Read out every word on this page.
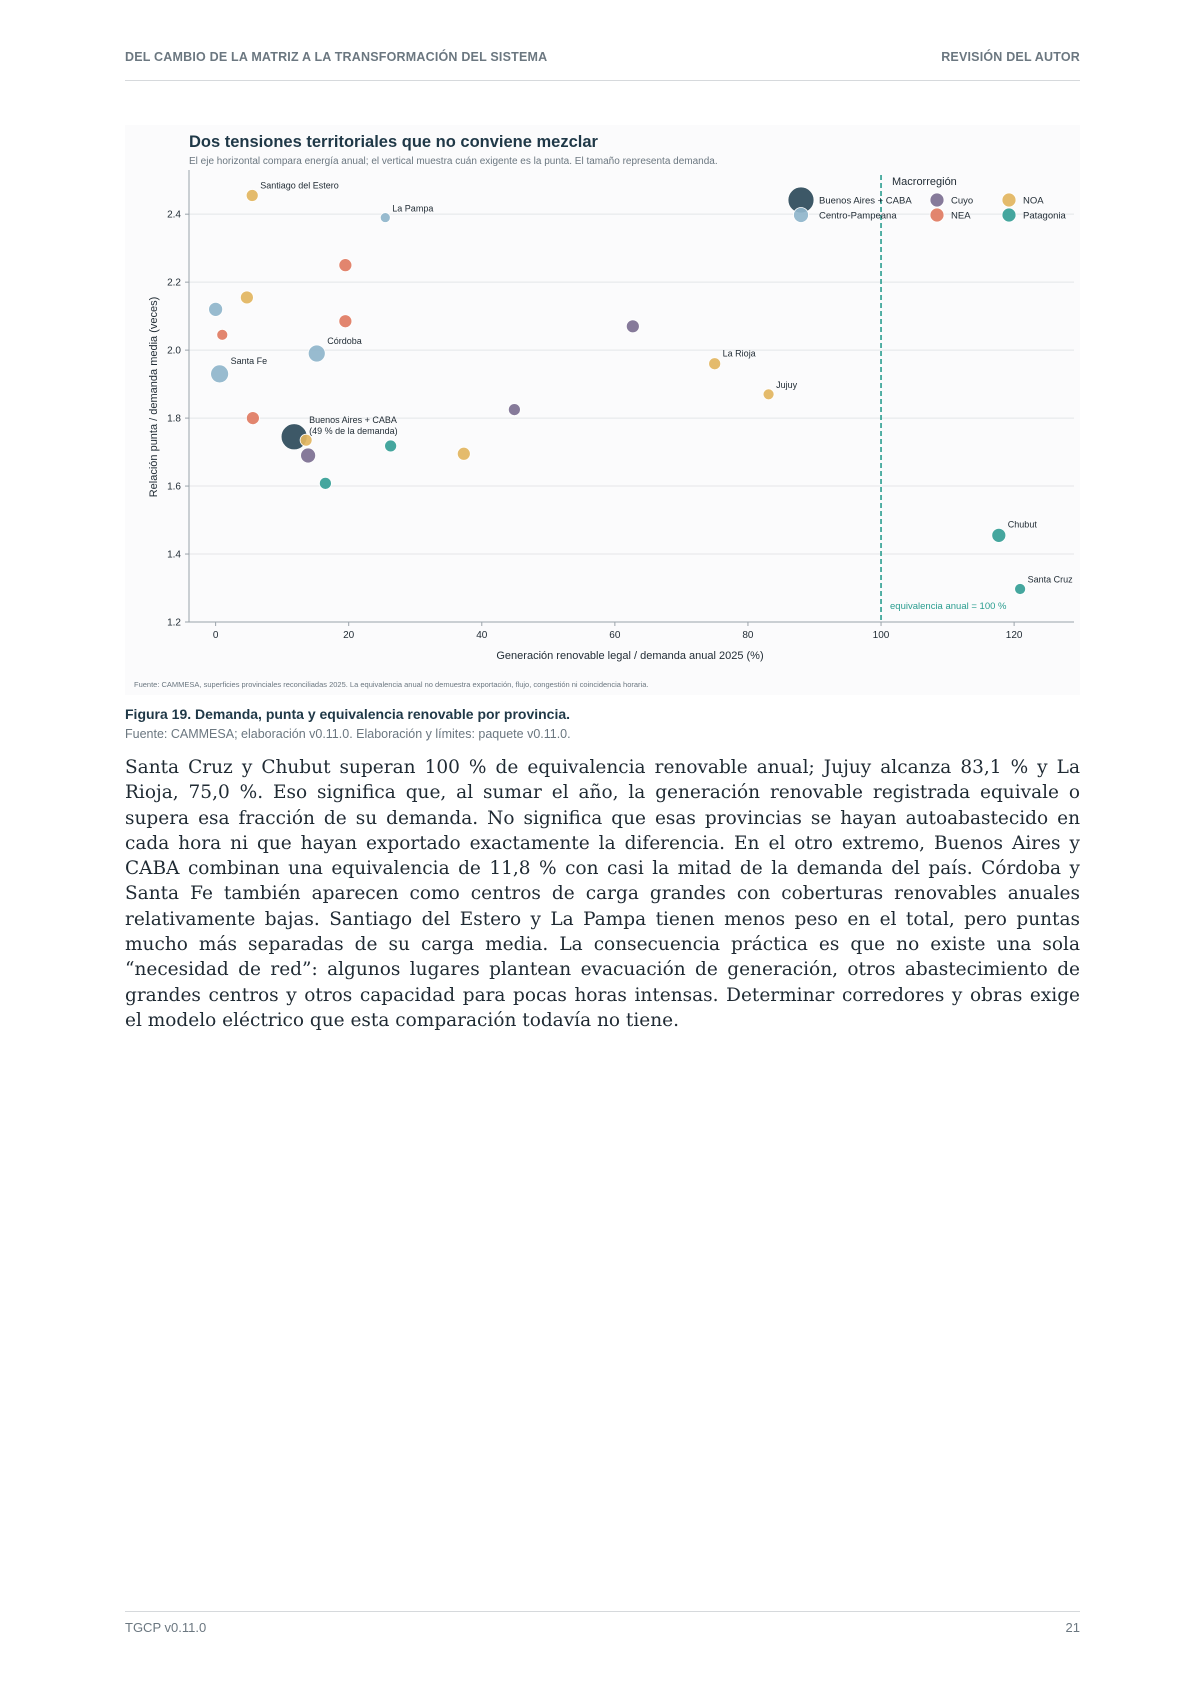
DEL CAMBIO DE LA MATRIZ A LA TRANSFORMACIÓN DEL SISTEMA	REVISIÓN DEL AUTOR
Dos tensiones territoriales que no conviene mezclar
El eje horizontal compara energía anual; el vertical muestra cuán exigente es la punta. El tamaño representa demanda.
1.2
1.4
1.6
1.8
2.0
2.2
2.4
0	20	40	60	80	100	120
equivalencia anual = 100 %
Buenos Aires + CABA
(49 % de la demanda)
Santa Fe
Córdoba
La Pampa
Santiago del Estero
La Rioja
Jujuy
Chubut
Santa Cruz
Macrorregión
Buenos Aires + CABA
Centro-Pampeana
Cuyo
NEA
NOA
Patagonia
Generación renovable legal / demanda anual 2025 (%)
Relación punta / demanda media (veces)
Fuente: CAMMESA, superficies provinciales reconciliadas 2025. La equivalencia anual no demuestra exportación, flujo, congestión ni coincidencia horaria.
Figura 19. Demanda, punta y equivalencia renovable por provincia.
Fuente: CAMMESA; elaboración v0.11.0. Elaboración y límites: paquete v0.11.0.

Santa Cruz y Chubut superan 100 % de equivalencia renovable anual; Jujuy alcanza 83,1 % y La Rioja, 75,0 %. Eso significa que, al sumar el año, la generación renovable registrada equivale o supera esa fracción de su demanda. No significa que esas provincias se hayan autoabastecido en cada hora ni que hayan exportado exactamente la diferencia. En el otro extremo, Buenos Aires y CABA combinan una equivalencia de 11,8 % con casi la mitad de la demanda del país. Córdoba y Santa Fe también aparecen como centros de carga grandes con coberturas renovables anuales relativamente bajas. Santiago del Estero y La Pampa tienen menos peso en el total, pero puntas mucho más separadas de su carga media. La consecuencia práctica es que no existe una sola “necesidad de red”: algunos lugares plantean evacuación de generación, otros abastecimiento de grandes centros y otros capacidad para pocas horas intensas. Determinar corredores y obras exige el modelo eléctrico que esta comparación todavía no tiene.

TGCP v0.11.0	21
